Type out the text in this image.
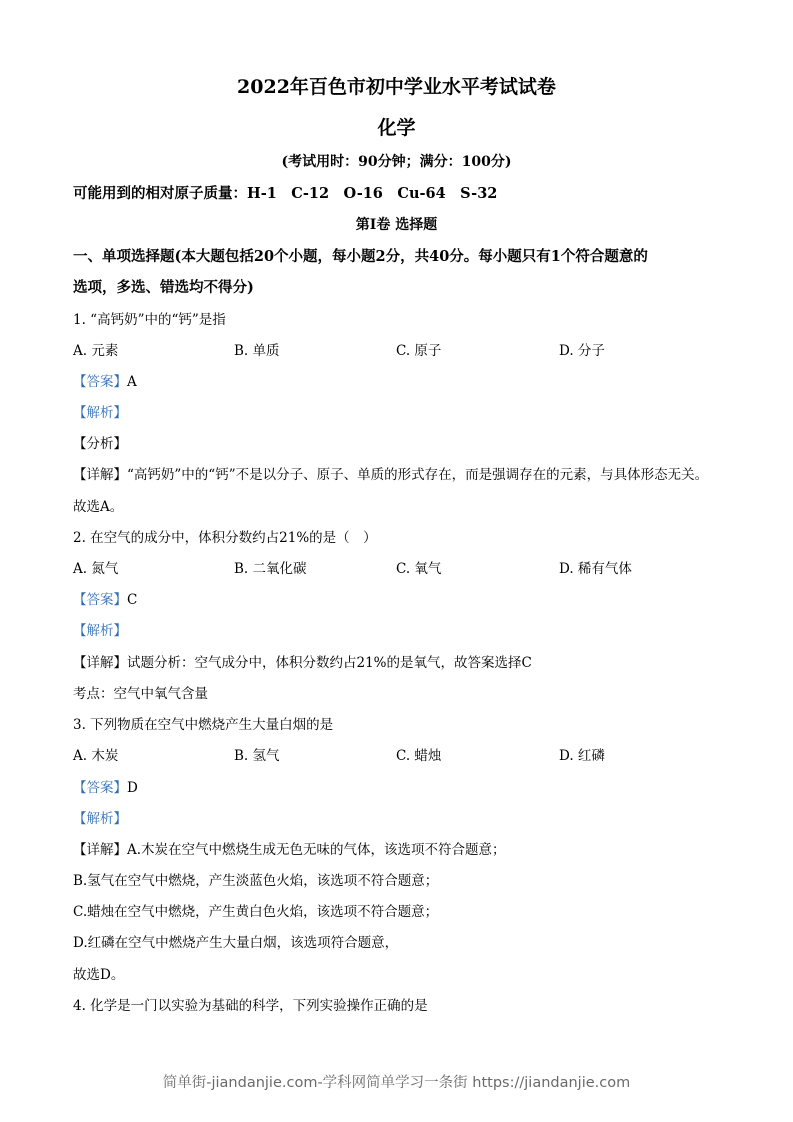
2022年百色市初中学业水平考试试卷
化学
(考试用时：90分钟；满分：100分)
可能用到的相对原子质量：H-1　C-12　O-16　Cu-64　S-32
第Ⅰ卷 选择题
一、单项选择题(本大题包括20个小题，每小题2分，共40分。每小题只有1个符合题意的
选项，多选、错选均不得分)
1. “高钙奶”中的“钙”是指
A. 元素	B. 单质	C. 原子	D. 分子
【答案】A
【解析】
【分析】
【详解】“高钙奶”中的“钙”不是以分子、原子、单质的形式存在，而是强调存在的元素，与具体形态无关。
故选A。
2. 在空气的成分中，体积分数约占21%的是（　）
A. 氮气	B. 二氧化碳	C. 氧气	D. 稀有气体
【答案】C
【解析】
【详解】试题分析：空气成分中，体积分数约占21%的是氧气，故答案选择C
考点：空气中氧气含量
3. 下列物质在空气中燃烧产生大量白烟的是
A. 木炭	B. 氢气	C. 蜡烛	D. 红磷
【答案】D
【解析】
【详解】A.木炭在空气中燃烧生成无色无味的气体，该选项不符合题意；
B.氢气在空气中燃烧，产生淡蓝色火焰，该选项不符合题意；
C.蜡烛在空气中燃烧，产生黄白色火焰，该选项不符合题意；
D.红磷在空气中燃烧产生大量白烟，该选项符合题意，
故选D。
4. 化学是一门以实验为基础的科学，下列实验操作正确的是
简单街-jiandanjie.com-学科网简单学习一条街 https://jiandanjie.com
